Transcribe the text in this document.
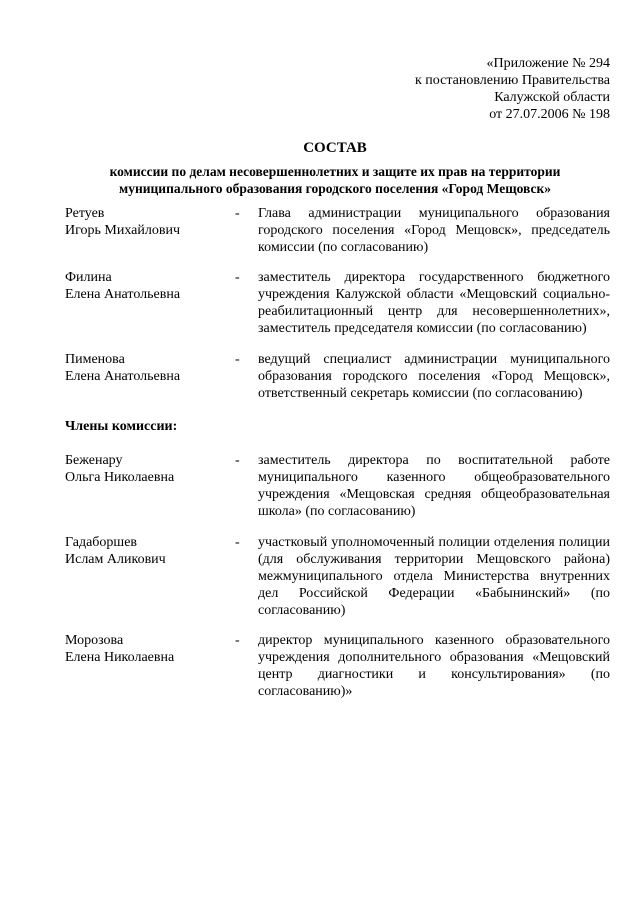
«Приложение № 294
к постановлению Правительства
Калужской области
от 27.07.2006 № 198
СОСТАВ
комиссии по делам несовершеннолетних и защите их прав на территории
муниципального образования городского поселения «Город Мещовск»
Ретуев
Игорь Михайлович
-	Глава администрации муниципального образования городского поселения «Город Мещовск», председатель комиссии (по согласованию)
Филина
Елена Анатольевна
-	заместитель директора государственного бюджетного учреждения Калужской области «Мещовский социально-реабилитационный центр для несовершеннолетних», заместитель председателя комиссии (по согласованию)
Пименова
Елена Анатольевна
-	ведущий специалист администрации муниципального образования городского поселения «Город Мещовск», ответственный секретарь комиссии (по согласованию)
Члены комиссии:
Беженару
Ольга Николаевна
-	заместитель директора по воспитательной работе муниципального казенного общеобразовательного учреждения «Мещовская средняя общеобразовательная школа» (по согласованию)
Гадаборшев
Ислам Аликович
-	участковый уполномоченный полиции отделения полиции (для обслуживания территории Мещовского района) межмуниципального отдела Министерства внутренних дел Российской Федерации «Бабынинский» (по согласованию)
Морозова
Елена Николаевна
-	директор муниципального казенного образовательного учреждения дополнительного образования «Мещовский центр диагностики и консультирования» (по согласованию)»
